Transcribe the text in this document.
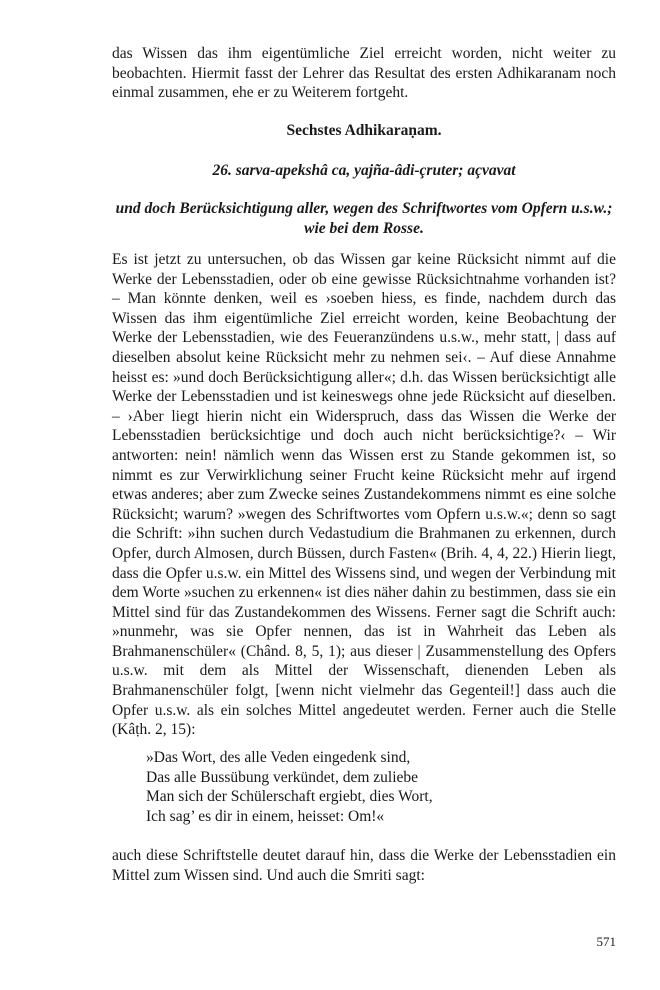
das Wissen das ihm eigentümliche Ziel erreicht worden, nicht weiter zu beobachten. Hiermit fasst der Lehrer das Resultat des ersten Adhikaranam noch einmal zusammen, ehe er zu Weiterem fortgeht.

Sechstes Adhikaraṇam.
26. sarva-apekshâ ca, yajña-âdi-çruter; açvavat
und doch Berücksichtigung aller, wegen des Schriftwortes vom Opfern u.s.w.; wie bei dem Rosse.

Es ist jetzt zu untersuchen, ob das Wissen gar keine Rücksicht nimmt auf die Werke der Lebensstadien, oder ob eine gewisse Rücksichtnahme vorhanden ist? – Man könnte denken, weil es ›soeben hiess, es finde, nachdem durch das Wissen das ihm eigentümliche Ziel erreicht worden, keine Beobachtung der Werke der Lebensstadien, wie des Feueranzündens u.s.w., mehr statt, | dass auf dieselben absolut keine Rücksicht mehr zu nehmen sei‹. – Auf diese Annahme heisst es: »und doch Berücksichtigung aller«; d.h. das Wissen berücksichtigt alle Werke der Lebensstadien und ist keineswegs ohne jede Rücksicht auf dieselben. – ›Aber liegt hierin nicht ein Widerspruch, dass das Wissen die Werke der Lebensstadien berücksichtige und doch auch nicht berücksichtige?‹ – Wir antworten: nein! nämlich wenn das Wissen erst zu Stande gekommen ist, so nimmt es zur Verwirklichung seiner Frucht keine Rücksicht mehr auf irgend etwas anderes; aber zum Zwecke seines Zustandekommens nimmt es eine solche Rücksicht; warum? »wegen des Schriftwortes vom Opfern u.s.w.«; denn so sagt die Schrift: »ihn suchen durch Vedastudium die Brahmanen zu erkennen, durch Opfer, durch Almosen, durch Büssen, durch Fasten« (Brih. 4, 4, 22.) Hierin liegt, dass die Opfer u.s.w. ein Mittel des Wissens sind, und wegen der Verbindung mit dem Worte »suchen zu erkennen« ist dies näher dahin zu bestimmen, dass sie ein Mittel sind für das Zustandekommen des Wissens. Ferner sagt die Schrift auch: »nunmehr, was sie Opfer nennen, das ist in Wahrheit das Leben als Brahmanenschüler« (Chând. 8, 5, 1); aus dieser | Zusammenstellung des Opfers u.s.w. mit dem als Mittel der Wissenschaft, dienenden Leben als Brahmanenschüler folgt, [wenn nicht vielmehr das Gegenteil!] dass auch die Opfer u.s.w. als ein solches Mittel angedeutet werden. Ferner auch die Stelle (Kâṭh. 2, 15):

»Das Wort, des alle Veden eingedenk sind,
Das alle Bussübung verkündet, dem zuliebe
Man sich der Schülerschaft ergiebt, dies Wort,
Ich sag’ es dir in einem, heisset: Om!«

auch diese Schriftstelle deutet darauf hin, dass die Werke der Lebensstadien ein Mittel zum Wissen sind. Und auch die Smriti sagt:

571
